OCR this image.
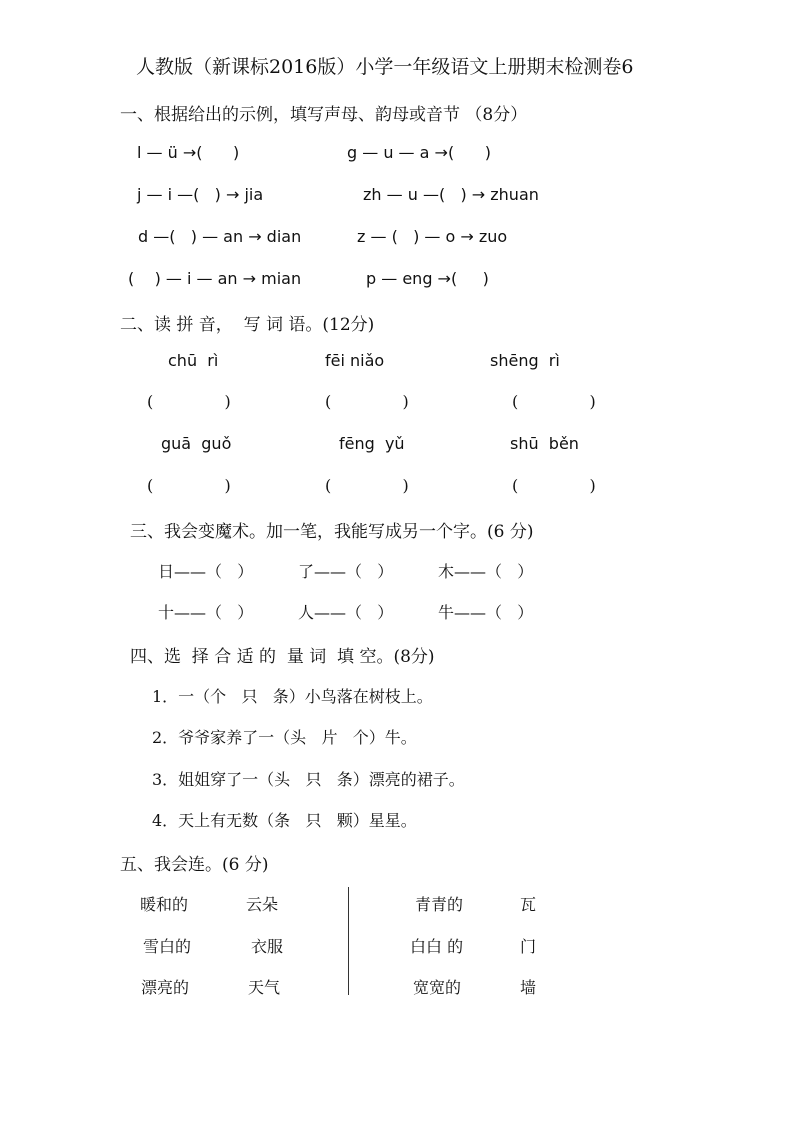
人教版（新课标2016版）小学一年级语文上册期末检测卷6
一、根据给出的示例，填写声母、韵母或音节 （8分）
l — ü →(      )	g — u — a →(      )
j — i —(   ) → jia	zh — u —(   ) → zhuan
d —(   ) — an → dian	z — (   ) — o → zuo
(    ) — i — an → mian	p — eng →(     )
二、读 拼 音，  写 词 语。(12分)
chū  rì	fēi niǎo	shēng  rì
(              )	(              )	(              )
guā  guǒ	fēng  yǔ	shū  běn
(              )	(              )	(              )
三、我会变魔术。加一笔，我能写成另一个字。(6 分)
日——（   ）	了——（   ）	木——（   ）
十——（   ）	人——（   ）	牛——（   ）
四、选  择 合 适 的  量 词  填 空。(8分)
1．一（个   只   条）小鸟落在树枝上。
2．爷爷家养了一（头   片   个）牛。
3．姐姐穿了一（头   只   条）漂亮的裙子。
4．天上有无数（条   只   颗）星星。
五、我会连。(6 分)
暖和的	云朵	青青的	瓦
雪白的	衣服	白白 的	门
漂亮的	天气	宽宽的	墙
